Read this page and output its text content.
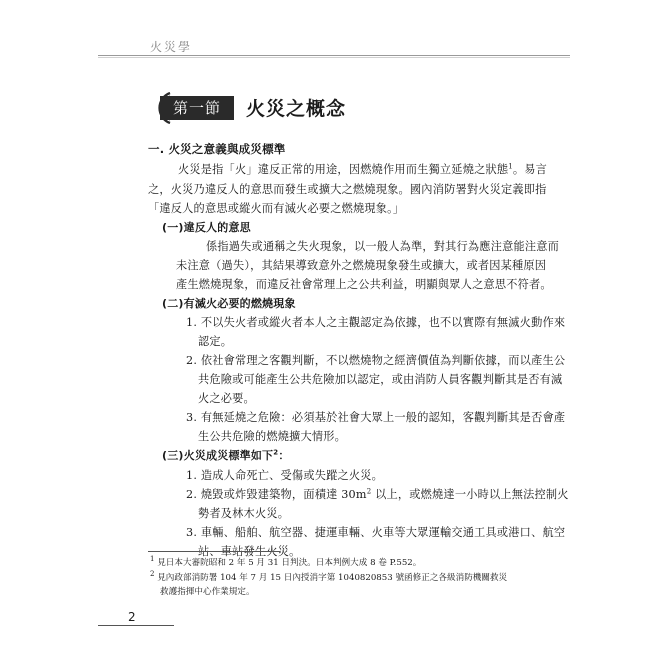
火災學
第一節	火災之概念
一. 火災之意義與成災標準
火災是指「火」違反正常的用途，因燃燒作用而生獨立延燒之狀態$^1$。易言
之，火災乃違反人的意思而發生或擴大之燃燒現象。國內消防署對火災定義即指
「違反人的意思或縱火而有滅火必要之燃燒現象。」
(一)違反人的意思
係指過失或通稱之失火現象，以一般人為準，對其行為應注意能注意而
未注意（過失），其結果導致意外之燃燒現象發生或擴大，或者因某種原因
產生燃燒現象，而違反社會常理上之公共利益，明顯與眾人之意思不符者。
(二)有滅火必要的燃燒現象
1. 不以失火者或縱火者本人之主觀認定為依據，也不以實際有無滅火動作來
認定。
2. 依社會常理之客觀判斷，不以燃燒物之經濟價值為判斷依據，而以產生公
共危險或可能產生公共危險加以認定，或由消防人員客觀判斷其是否有滅
火之必要。
3. 有無延燒之危險：必須基於社會大眾上一般的認知，客觀判斷其是否會產
生公共危險的燃燒擴大情形。
(三)火災成災標準如下$^2$：
1. 造成人命死亡、受傷或失蹤之火災。
2. 燒毀或炸毀建築物，面積達 $30m^2$ 以上，或燃燒達一小時以上無法控制火
勢者及林木火災。
3. 車輛、船舶、航空器、捷運車輛、火車等大眾運輸交通工具或港口、航空
站、車站發生火災。
$^1$ 見日本大審院昭和 2 年 5 月 31 日判決。日本判例大成 8 卷 P.552。
$^2$ 見內政部消防署 104 年 7 月 15 日內授消字第 1040820853 號函修正之各級消防機關救災
救護指揮中心作業規定。
2
